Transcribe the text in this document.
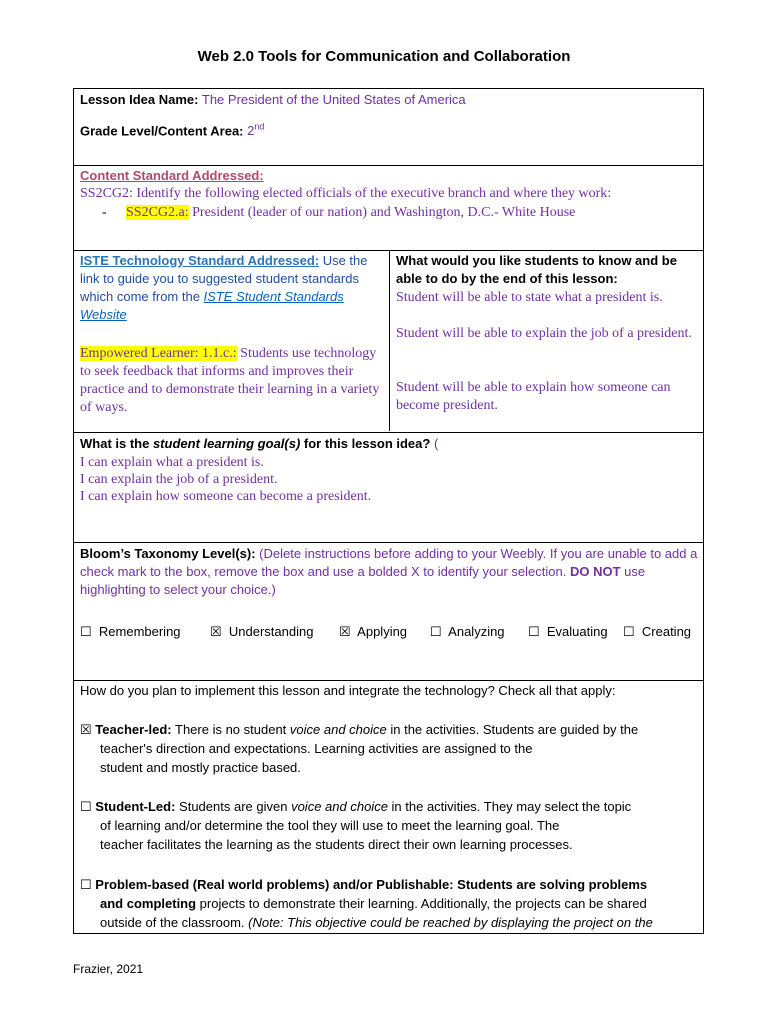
Web 2.0 Tools for Communication and Collaboration
Lesson Idea Name: The President of the United States of America
Grade Level/Content Area: 2nd
Content Standard Addressed:
SS2CG2: Identify the following elected officials of the executive branch and where they work:
- SS2CG2.a: President (leader of our nation) and Washington, D.C.- White House
ISTE Technology Standard Addressed: Use the link to guide you to suggested student standards which come from the ISTE Student Standards Website
Empowered Learner: 1.1.c.: Students use technology to seek feedback that informs and improves their practice and to demonstrate their learning in a variety of ways.
What would you like students to know and be able to do by the end of this lesson:
Student will be able to state what a president is.
Student will be able to explain the job of a president.
Student will be able to explain how someone can become president.
What is the student learning goal(s) for this lesson idea? (
I can explain what a president is.
I can explain the job of a president.
I can explain how someone can become a president.
Bloom’s Taxonomy Level(s): (Delete instructions before adding to your Weebly. If you are unable to add a check mark to the box, remove the box and use a bolded X to identify your selection. DO NOT use highlighting to select your choice.)
☐ Remembering ☒ Understanding ☒ Applying ☐ Analyzing ☐ Evaluating ☐ Creating
How do you plan to implement this lesson and integrate the technology? Check all that apply:
☒ Teacher-led: There is no student voice and choice in the activities. Students are guided by the
teacher's direction and expectations. Learning activities are assigned to the
student and mostly practice based.
☐ Student-Led: Students are given voice and choice in the activities. They may select the topic
of learning and/or determine the tool they will use to meet the learning goal. The
teacher facilitates the learning as the students direct their own learning processes.
☐ Problem-based (Real world problems) and/or Publishable: Students are solving problems
and completing projects to demonstrate their learning. Additionally, the projects can be shared
outside of the classroom. (Note: This objective could be reached by displaying the project on the
Frazier, 2021
